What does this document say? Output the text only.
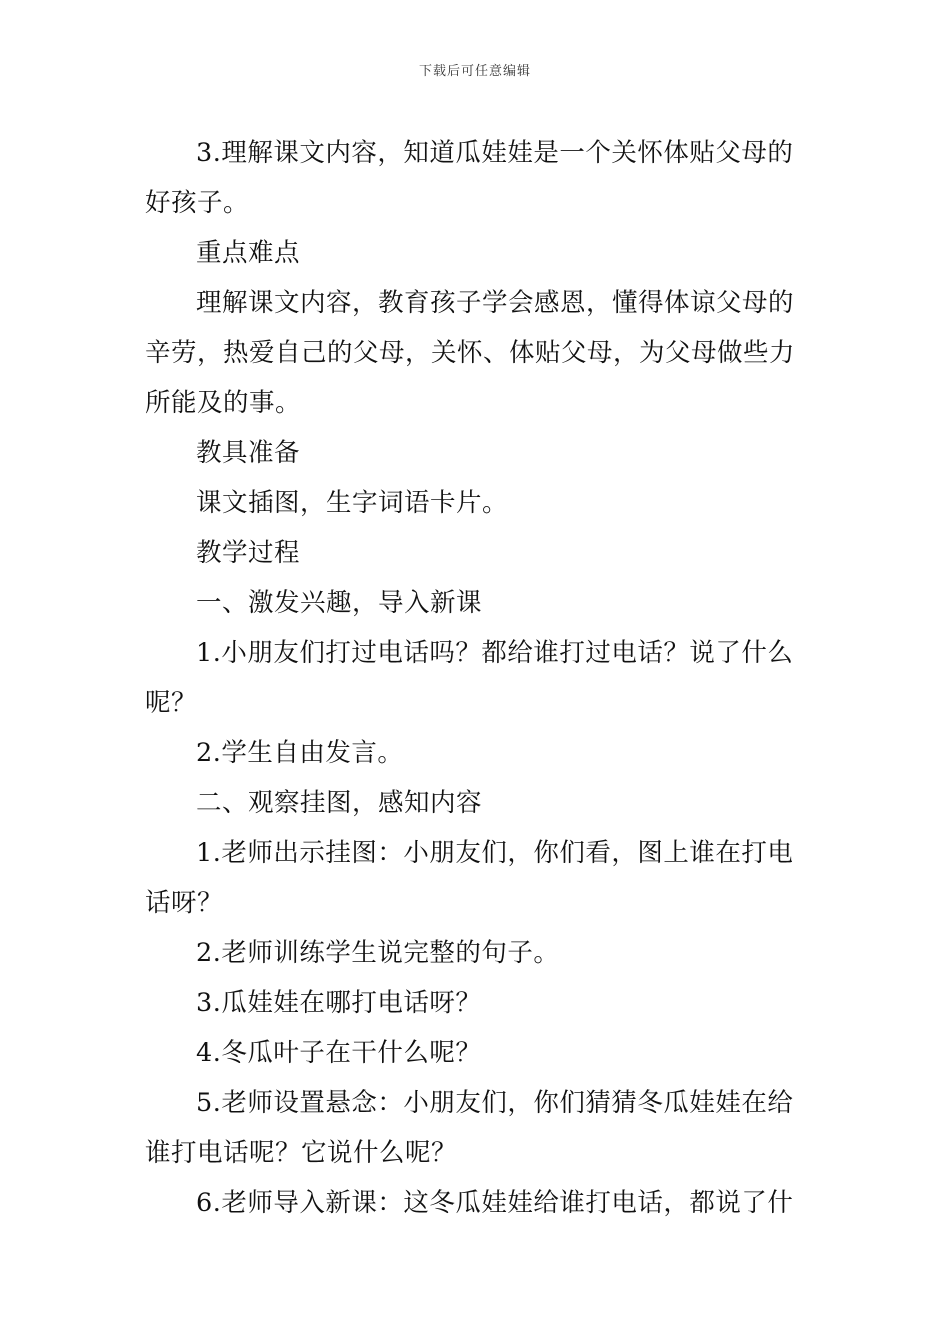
下载后可任意编辑
3.理解课文内容，知道瓜娃娃是一个关怀体贴父母的
好孩子。
重点难点
理解课文内容，教育孩子学会感恩，懂得体谅父母的
辛劳，热爱自己的父母，关怀、体贴父母，为父母做些力
所能及的事。
教具准备
课文插图，生字词语卡片。
教学过程
一、激发兴趣，导入新课
1.小朋友们打过电话吗？都给谁打过电话？说了什么
呢？
2.学生自由发言。
二、观察挂图，感知内容
1.老师出示挂图：小朋友们，你们看，图上谁在打电
话呀？
2.老师训练学生说完整的句子。
3.瓜娃娃在哪打电话呀？
4.冬瓜叶子在干什么呢？
5.老师设置悬念：小朋友们，你们猜猜冬瓜娃娃在给
谁打电话呢？它说什么呢？
6.老师导入新课：这冬瓜娃娃给谁打电话，都说了什
